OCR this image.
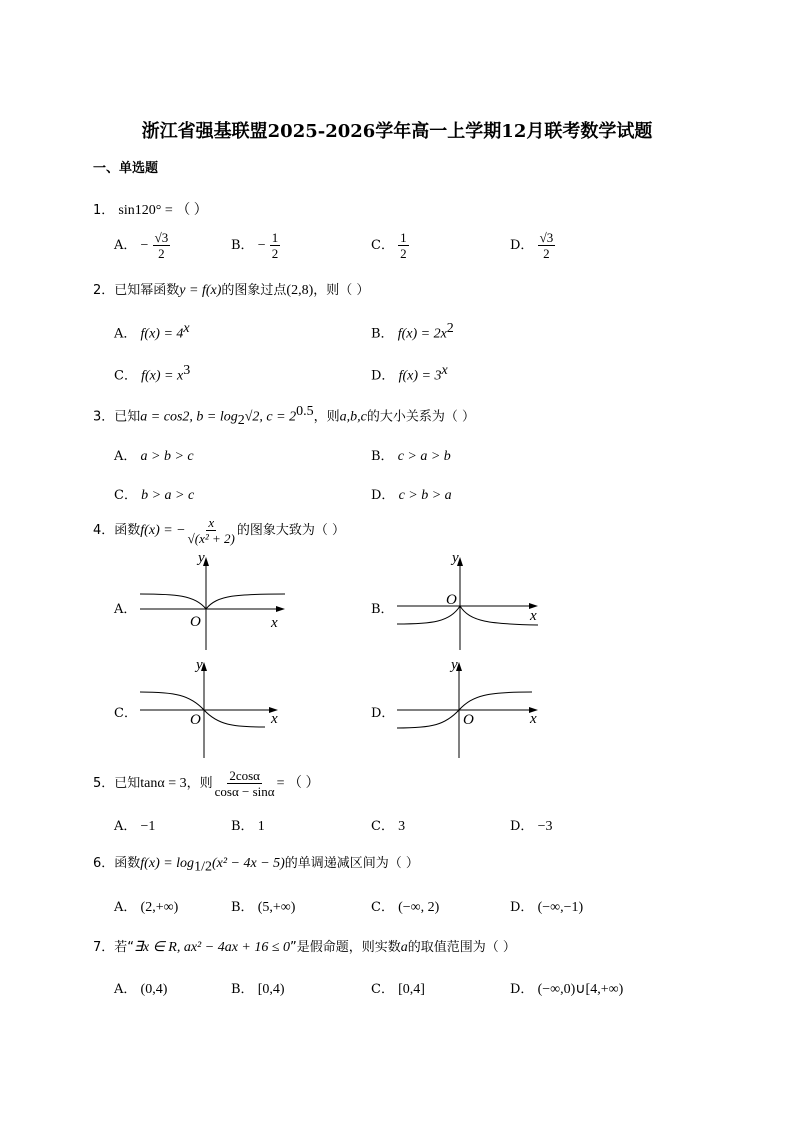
浙江省强基联盟2025-2026学年高一上学期12月联考数学试题
一、单选题
1． sin120° = （ ）
A． − $\frac{√3}{2}$	B． − $\frac{1}{2}$	C． $\frac{1}{2}$	D． $\frac{√3}{2}$
2．已知幂函数y = f(x)的图象过点(2,8)，则（ ）
A． $f(x) = 4^x$	B． $f(x) = 2x^2$
C． $f(x) = x^3$	D． $f(x) = 3^x$
3．已知a = cos2, $b = \log_2√2$, $c = 2^{0.5}$，则a,b,c的大小关系为（ ）
A． a > b > c	B． c > a > b
C． b > a > c	D． c > b > a
4．函数f(x) = − $\frac{x}{\text{√(x² + 2)}}$ 的图象大致为（ ）
A．	B．
C．	D．
x
y
O	x
y
O
x
y
O	x
y
O
5．已知tanα = 3，则 $\frac{2\cos\alpha}{\cos\alpha - \sin\alpha}$ = （ ）
A． −1	B． 1	C． 3	D． −3
6．函数$f(x) = \log_{1/2}(x^2 - 4x - 5)$的单调递减区间为（ ）
A． (2,+∞)	B． (5,+∞)	C． (−∞, 2)	D． (−∞,−1)
7．若“∃x ∈ R, ax² − 4ax + 16 ≤ 0”是假命题，则实数a的取值范围为（ ）
A． (0,4)	B． [0,4)	C． [0,4]	D． (−∞,0)∪[4,+∞)
